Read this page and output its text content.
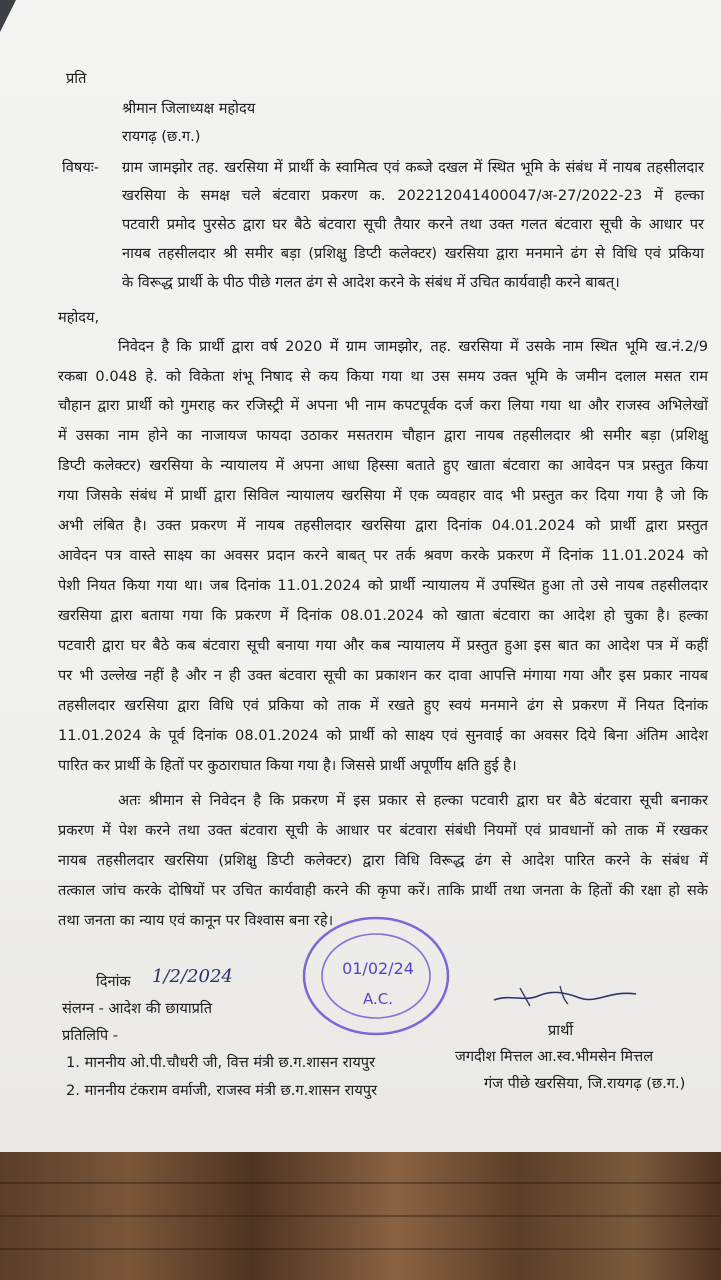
प्रति

श्रीमान जिलाध्यक्ष महोदय

रायगढ़ (छ.ग.)

विषयः- ग्राम जामझोर तह. खरसिया में प्रार्थी के स्वामित्व एवं कब्जे दखल में स्थित भूमि के संबंध में नायब तहसीलदार

खरसिया के समक्ष चले बंटवारा प्रकरण क. 202212041400047/अ-27/2022-23 में हल्का

पटवारी प्रमोद पुरसेठ द्वारा घर बैठे बंटवारा सूची तैयार करने तथा उक्त गलत बंटवारा सूची के आधार पर

नायब तहसीलदार श्री समीर बड़ा (प्रशिक्षु डिप्टी कलेक्टर) खरसिया द्वारा मनमाने ढंग से विधि एवं प्रकिया

के विरूद्ध प्रार्थी के पीठ पीछे गलत ढंग से आदेश करने के संबंध में उचित कार्यवाही करने बाबत्।

महोदय,

निवेदन है कि प्रार्थी द्वारा वर्ष 2020 में ग्राम जामझोर, तह. खरसिया में उसके नाम स्थित भूमि ख.नं.2/9

रकबा 0.048 हे. को विकेता शंभू निषाद से कय किया गया था उस समय उक्त भूमि के जमीन दलाल मसत राम

चौहान द्वारा प्रार्थी को गुमराह कर रजिस्ट्री में अपना भी नाम कपटपूर्वक दर्ज करा लिया गया था और राजस्व अभिलेखों

में उसका नाम होने का नाजायज फायदा उठाकर मसतराम चौहान द्वारा नायब तहसीलदार श्री समीर बड़ा (प्रशिक्षु

डिप्टी कलेक्टर) खरसिया के न्यायालय में अपना आधा हिस्सा बताते हुए खाता बंटवारा का आवेदन पत्र प्रस्तुत किया

गया जिसके संबंध में प्रार्थी द्वारा सिविल न्यायालय खरसिया में एक व्यवहार वाद भी प्रस्तुत कर दिया गया है जो कि

अभी लंबित है। उक्त प्रकरण में नायब तहसीलदार खरसिया द्वारा दिनांक 04.01.2024 को प्रार्थी द्वारा प्रस्तुत

आवेदन पत्र वास्ते साक्ष्य का अवसर प्रदान करने बाबत् पर तर्क श्रवण करके प्रकरण में दिनांक 11.01.2024 को

पेशी नियत किया गया था। जब दिनांक 11.01.2024 को प्रार्थी न्यायालय में उपस्थित हुआ तो उसे नायब तहसीलदार

खरसिया द्वारा बताया गया कि प्रकरण में दिनांक 08.01.2024 को खाता बंटवारा का आदेश हो चुका है। हल्का

पटवारी द्वारा घर बैठे कब बंटवारा सूची बनाया गया और कब न्यायालय में प्रस्तुत हुआ इस बात का आदेश पत्र में कहीं

पर भी उल्लेख नहीं है और न ही उक्त बंटवारा सूची का प्रकाशन कर दावा आपत्ति मंगाया गया और इस प्रकार नायब

तहसीलदार खरसिया द्वारा विधि एवं प्रकिया को ताक में रखते हुए स्वयं मनमाने ढंग से प्रकरण में नियत दिनांक

11.01.2024 के पूर्व दिनांक 08.01.2024 को प्रार्थी को साक्ष्य एवं सुनवाई का अवसर दिये बिना अंतिम आदेश

पारित कर प्रार्थी के हितों पर कुठाराघात किया गया है। जिससे प्रार्थी अपूर्णीय क्षति हुई है।

अतः श्रीमान से निवेदन है कि प्रकरण में इस प्रकार से हल्का पटवारी द्वारा घर बैठे बंटवारा सूची बनाकर

प्रकरण में पेश करने तथा उक्त बंटवारा सूची के आधार पर बंटवारा संबंधी नियमों एवं प्रावधानों को ताक में रखकर

नायब तहसीलदार खरसिया (प्रशिक्षु डिप्टी कलेक्टर) द्वारा विधि विरूद्ध ढंग से आदेश पारित करने के संबंध में

तत्काल जांच करके दोषियों पर उचित कार्यवाही करने की कृपा करें। ताकि प्रार्थी तथा जनता के हितों की रक्षा हो सके

तथा जनता का न्याय एवं कानून पर विश्वास बना रहे।

01/02/24
A.C.

दिनांक 1/2/2024

संलग्न - आदेश की छायाप्रति

प्रतिलिपि -

1. माननीय ओ.पी.चौधरी जी, वित्त मंत्री छ.ग.शासन रायपुर

2. माननीय टंकराम वर्माजी, राजस्व मंत्री छ.ग.शासन रायपुर

प्रार्थी

जगदीश मित्तल आ.स्व.भीमसेन मित्तल

गंज पीछे खरसिया, जि.रायगढ़ (छ.ग.)
